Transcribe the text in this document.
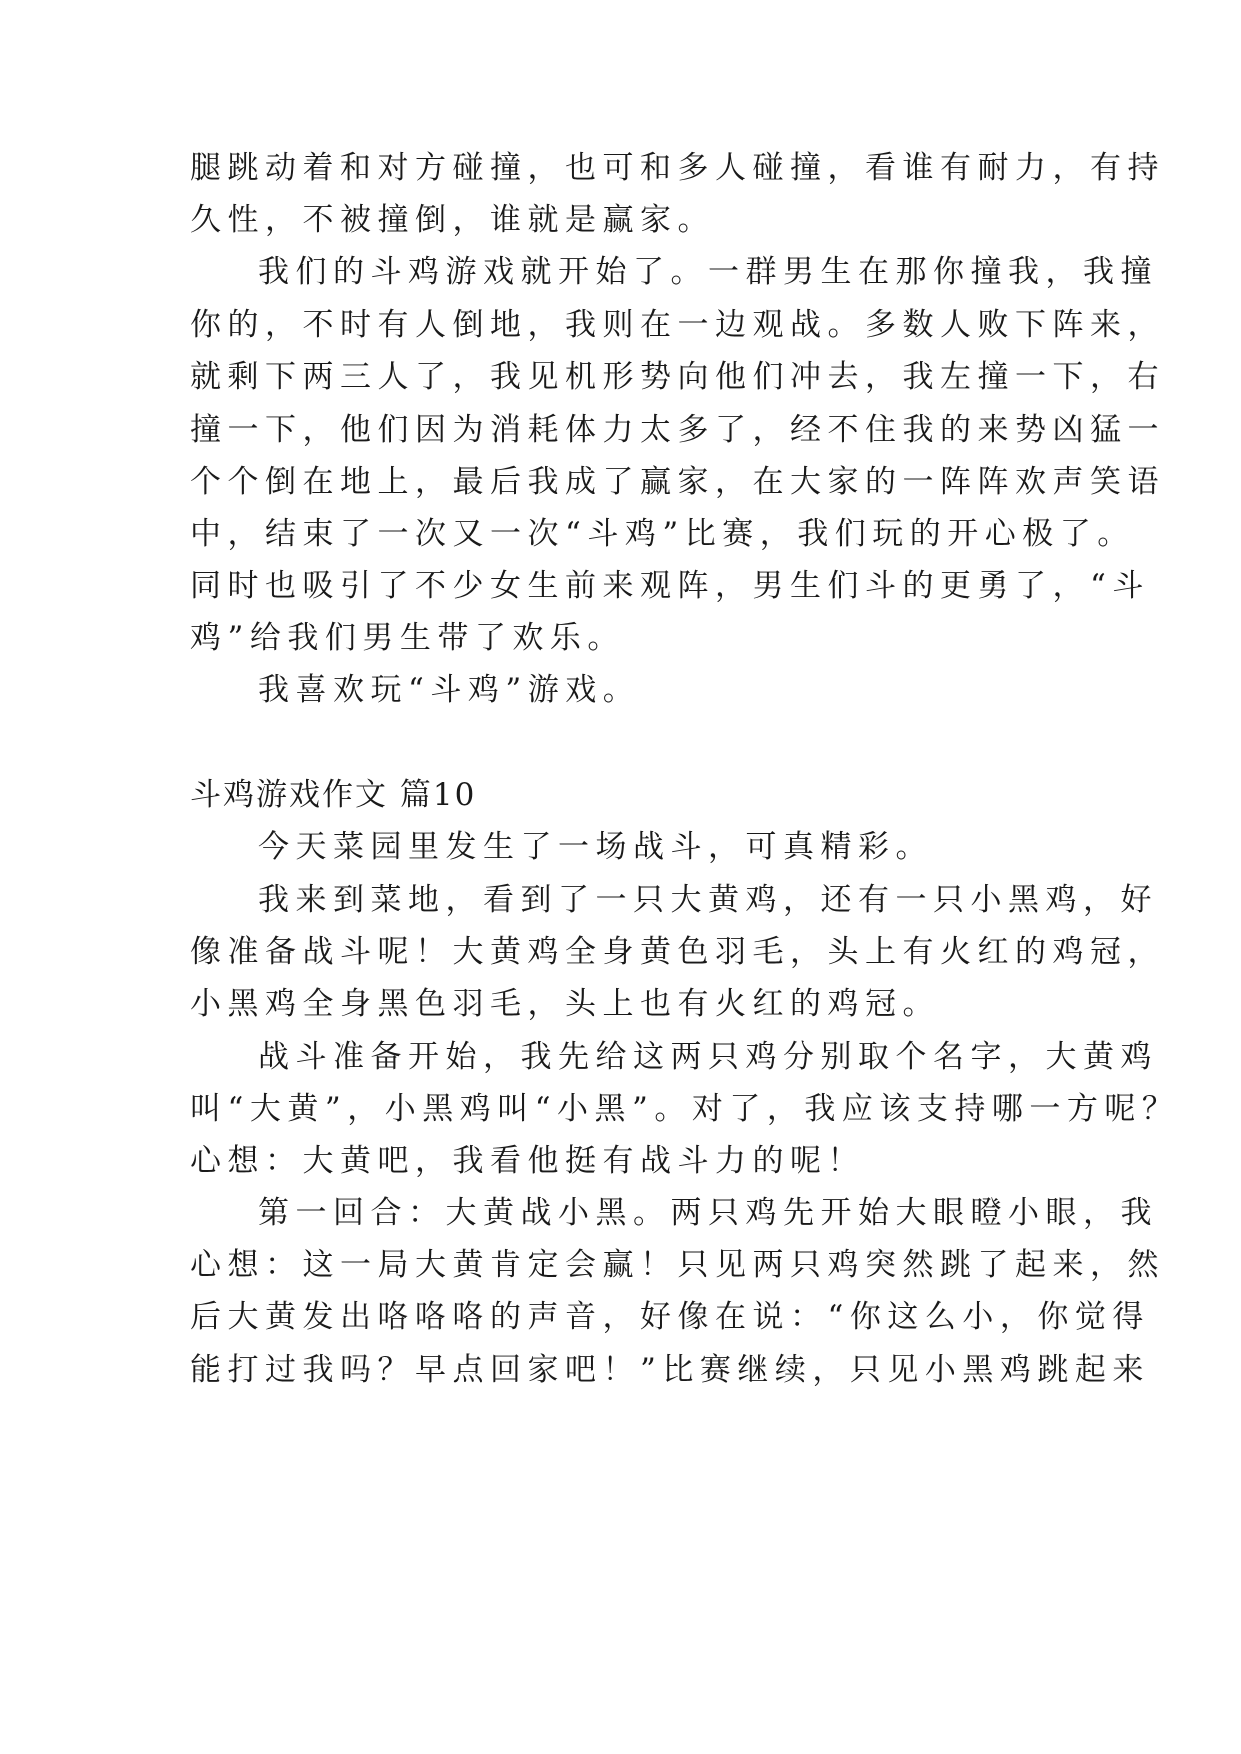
腿跳动着和对方碰撞，也可和多人碰撞，看谁有耐力，有持
久性，不被撞倒，谁就是赢家。
我们的斗鸡游戏就开始了。一群男生在那你撞我，我撞
你的，不时有人倒地，我则在一边观战。多数人败下阵来，
就剩下两三人了，我见机形势向他们冲去，我左撞一下，右
撞一下，他们因为消耗体力太多了，经不住我的来势凶猛一
个个倒在地上，最后我成了赢家，在大家的一阵阵欢声笑语
中，结束了一次又一次“斗鸡”比赛，我们玩的开心极了。
同时也吸引了不少女生前来观阵，男生们斗的更勇了，“斗
鸡”给我们男生带了欢乐。
我喜欢玩“斗鸡”游戏。
斗鸡游戏作文 篇10
今天菜园里发生了一场战斗，可真精彩。
我来到菜地，看到了一只大黄鸡，还有一只小黑鸡，好
像准备战斗呢！大黄鸡全身黄色羽毛，头上有火红的鸡冠，
小黑鸡全身黑色羽毛，头上也有火红的鸡冠。
战斗准备开始，我先给这两只鸡分别取个名字，大黄鸡
叫“大黄”，小黑鸡叫“小黑”。对了，我应该支持哪一方呢？
心想：大黄吧，我看他挺有战斗力的呢！
第一回合：大黄战小黑。两只鸡先开始大眼瞪小眼，我
心想：这一局大黄肯定会赢！只见两只鸡突然跳了起来，然
后大黄发出咯咯咯的声音，好像在说：“你这么小，你觉得
能打过我吗？早点回家吧！”比赛继续，只见小黑鸡跳起来
